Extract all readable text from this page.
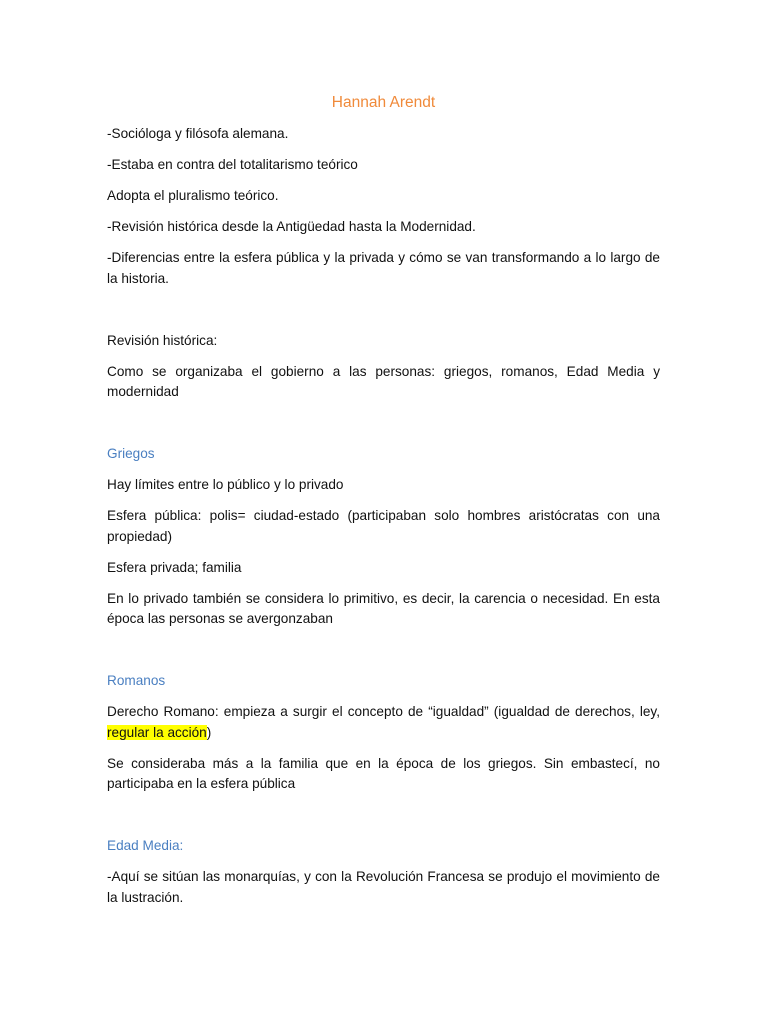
Hannah Arendt

-Socióloga y filósofa alemana.

-Estaba en contra del totalitarismo teórico

Adopta el pluralismo teórico.

-Revisión histórica desde la Antigüedad hasta la Modernidad.

-Diferencias entre la esfera pública y la privada y cómo se van transformando a lo largo de la historia.

Revisión histórica:

Como se organizaba el gobierno a las personas: griegos, romanos, Edad Media y modernidad

Griegos

Hay límites entre lo público y lo privado

Esfera pública: polis= ciudad-estado (participaban solo hombres aristócratas con una propiedad)

Esfera privada; familia

En lo privado también se considera lo primitivo, es decir, la carencia o necesidad. En esta época las personas se avergonzaban

Romanos

Derecho Romano: empieza a surgir el concepto de “igualdad” (igualdad de derechos, ley, regular la acción)

Se consideraba más a la familia que en la época de los griegos. Sin embastecí, no participaba en la esfera pública

Edad Media:

-Aquí se sitúan las monarquías, y con la Revolución Francesa se produjo el movimiento de la lustración.
